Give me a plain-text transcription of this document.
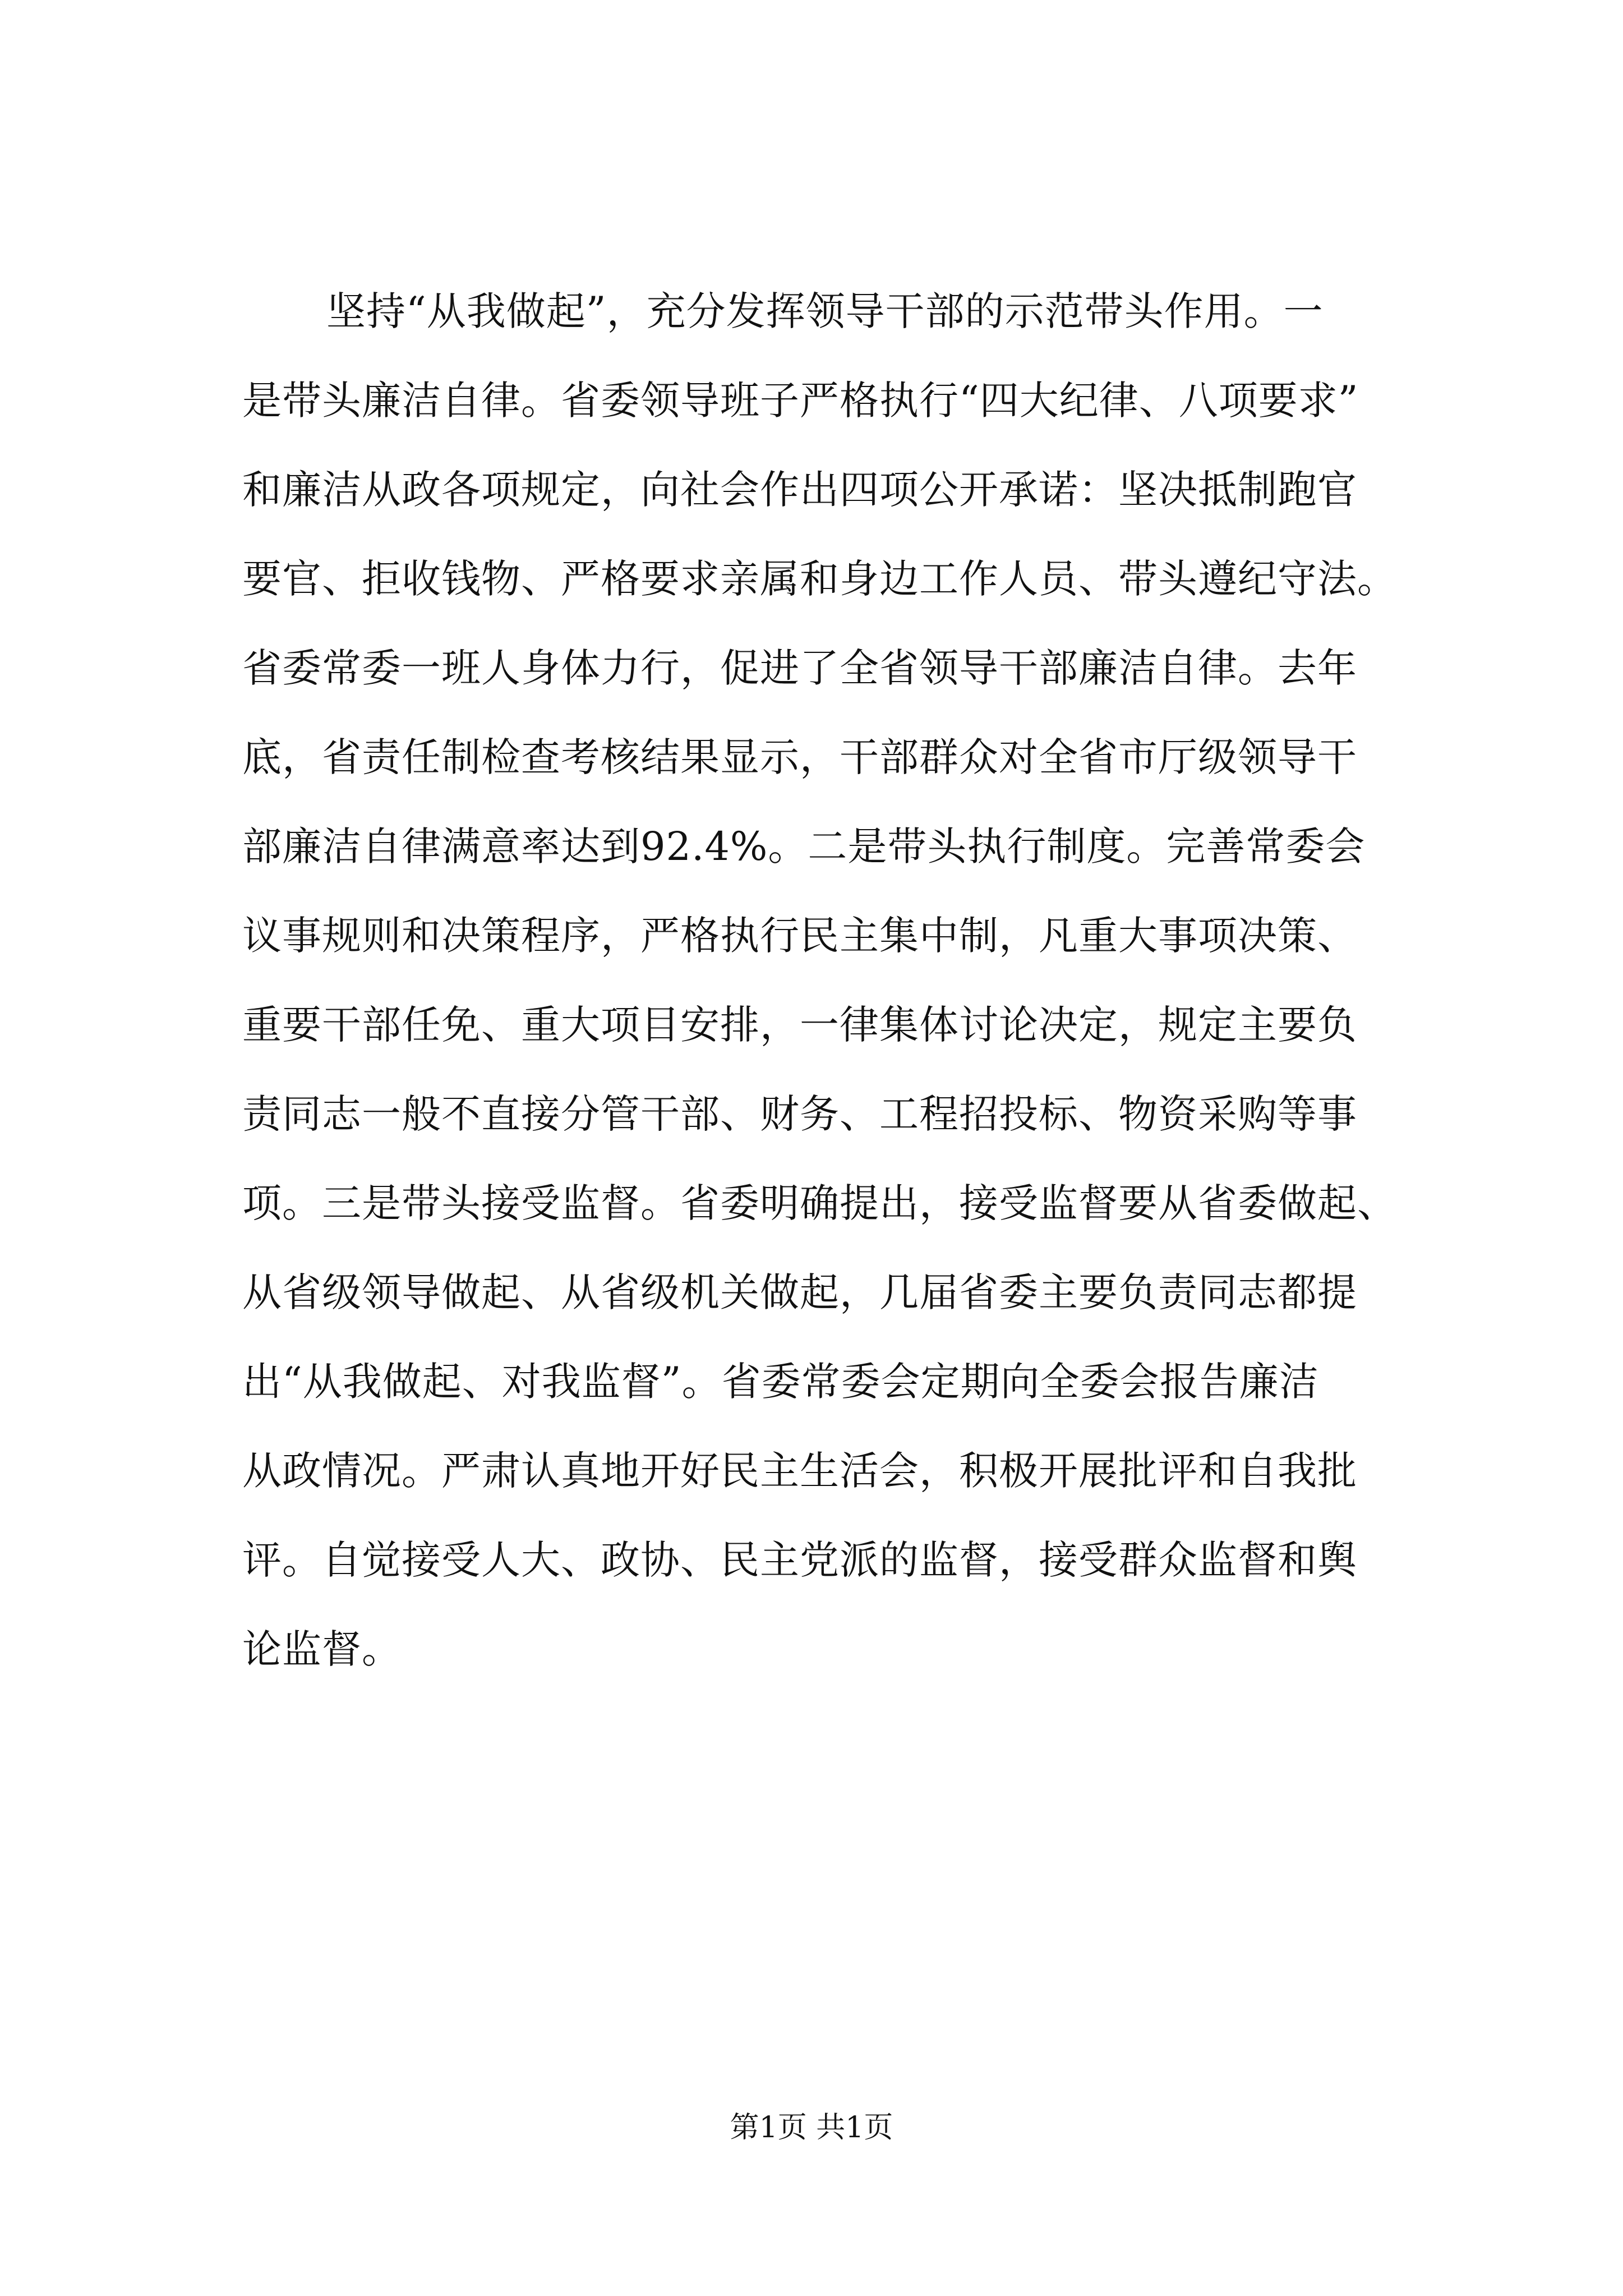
坚持“从我做起”，充分发挥领导干部的示范带头作用。一
是带头廉洁自律。省委领导班子严格执行“四大纪律、八项要求”
和廉洁从政各项规定，向社会作出四项公开承诺：坚决抵制跑官
要官、拒收钱物、严格要求亲属和身边工作人员、带头遵纪守法。
省委常委一班人身体力行，促进了全省领导干部廉洁自律。去年
底，省责任制检查考核结果显示，干部群众对全省市厅级领导干
部廉洁自律满意率达到92.4%。二是带头执行制度。完善常委会
议事规则和决策程序，严格执行民主集中制，凡重大事项决策、
重要干部任免、重大项目安排，一律集体讨论决定，规定主要负
责同志一般不直接分管干部、财务、工程招投标、物资采购等事
项。三是带头接受监督。省委明确提出，接受监督要从省委做起、
从省级领导做起、从省级机关做起，几届省委主要负责同志都提
出“从我做起、对我监督”。省委常委会定期向全委会报告廉洁
从政情况。严肃认真地开好民主生活会，积极开展批评和自我批
评。自觉接受人大、政协、民主党派的监督，接受群众监督和舆
论监督。
第1页 共1页
